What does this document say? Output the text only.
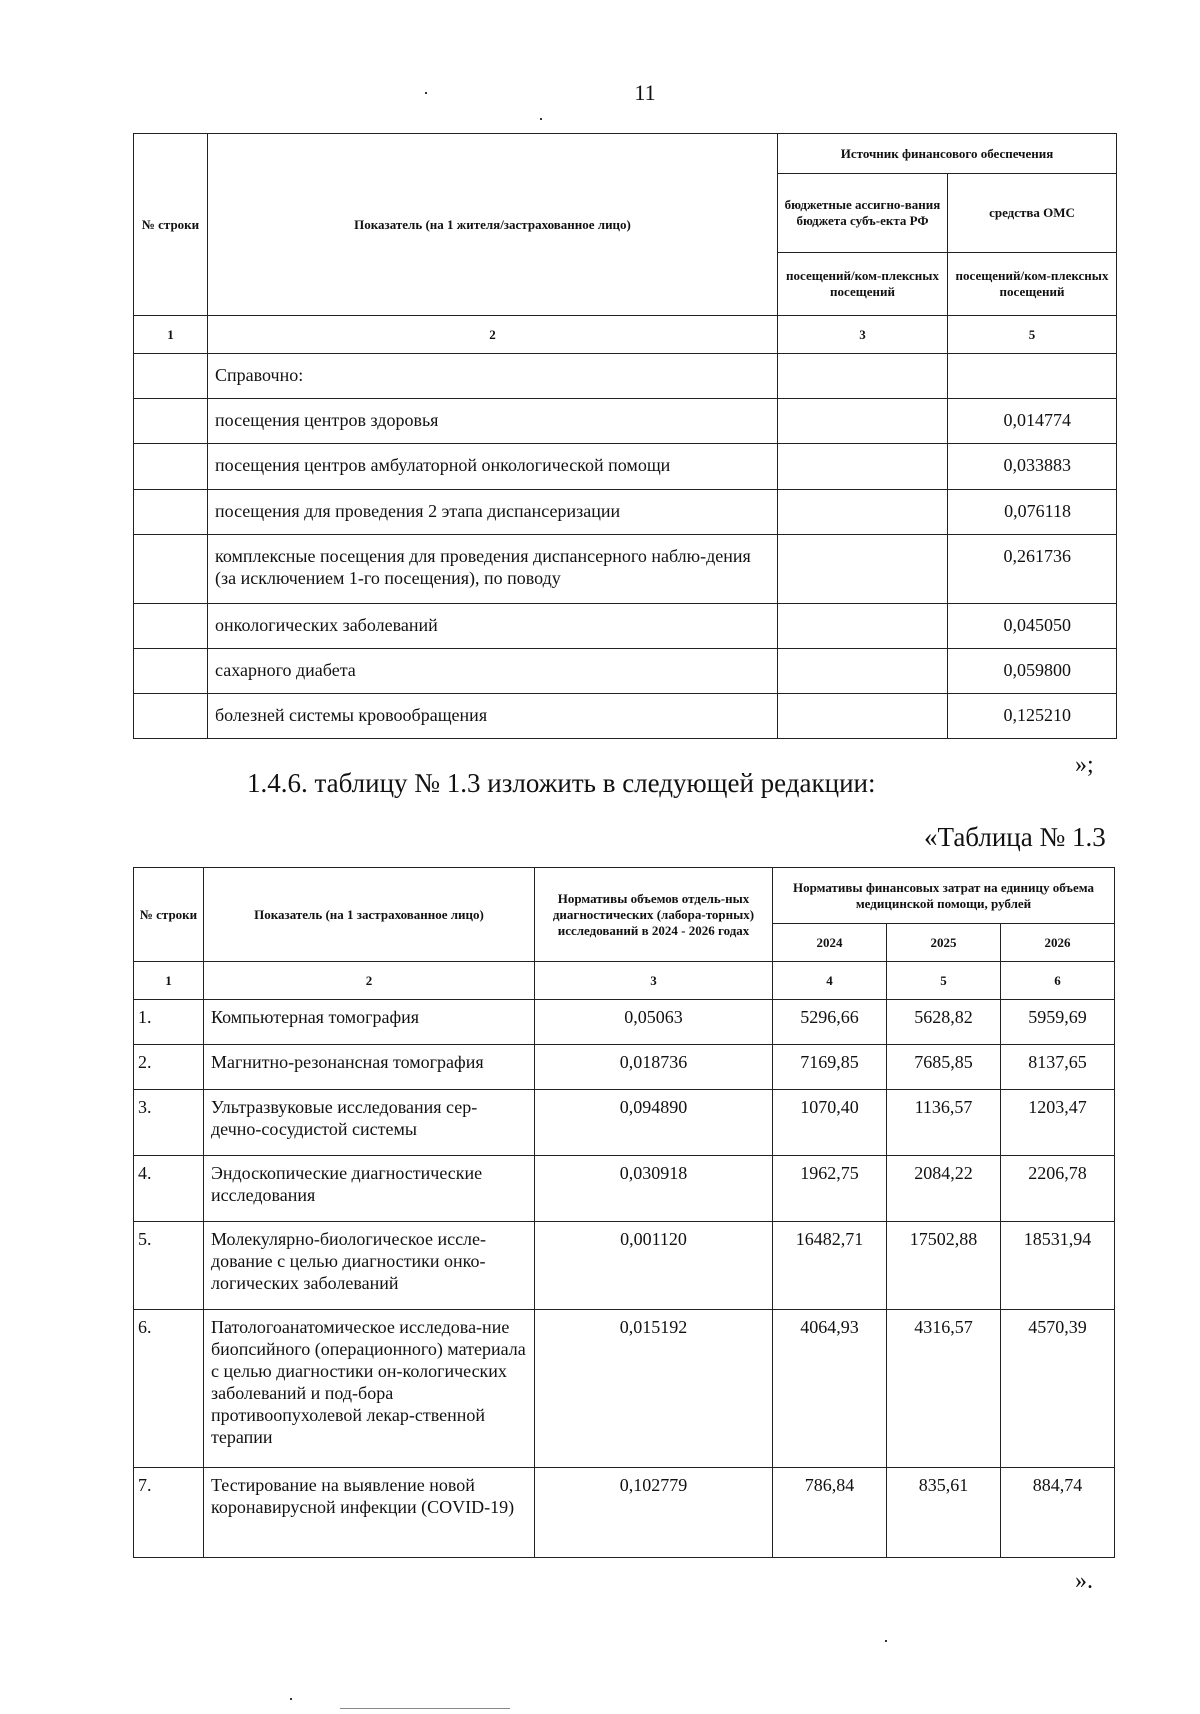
11
№ строки	Показатель (на 1 жителя/застрахованное лицо)	Источник финансового обеспечения	
		бюджетные ассигно-вания бюджета субъ-екта РФ	средства ОМС
		посещений/ком-плексных посещений	посещений/ком-плексных посещений
1	2	3	5
	Справочно:		
	посещения центров здоровья		0,014774
	посещения центров амбулаторной онкологической помощи		0,033883
	посещения для проведения 2 этапа диспансеризации		0,076118
	комплексные посещения для проведения диспансерного наблю-дения (за исключением 1-го посещения), по поводу		0,261736
	онкологических заболеваний		0,045050
	сахарного диабета		0,059800
	болезней системы кровообращения		0,125210
»;
1.4.6. таблицу № 1.3 изложить в следующей редакции:
«Таблица № 1.3
№ строки	Показатель (на 1 застрахованное лицо)	Нормативы объемов отдель-ных диагностических (лабора-торных) исследований в 2024 - 2026 годах	Нормативы финансовых затрат на единицу объема медицинской помощи, рублей		
			2024	2025	2026
1	2	3	4	5	6
1.	Компьютерная томография	0,05063	5296,66	5628,82	5959,69
2.	Магнитно-резонансная томография	0,018736	7169,85	7685,85	8137,65
3.	Ультразвуковые исследования сер-дечно-сосудистой системы	0,094890	1070,40	1136,57	1203,47
4.	Эндоскопические диагностические исследования	0,030918	1962,75	2084,22	2206,78
5.	Молекулярно-биологическое иссле-дование с целью диагностики онко-логических заболеваний	0,001120	16482,71	17502,88	18531,94
6.	Патологоанатомическое исследова-ние биопсийного (операционного) материала с целью диагностики он-кологических заболеваний и под-бора противоопухолевой лекар-ственной терапии	0,015192	4064,93	4316,57	4570,39
7.	Тестирование на выявление новой коронавирусной инфекции (COVID-19)	0,102779	786,84	835,61	884,74
».
